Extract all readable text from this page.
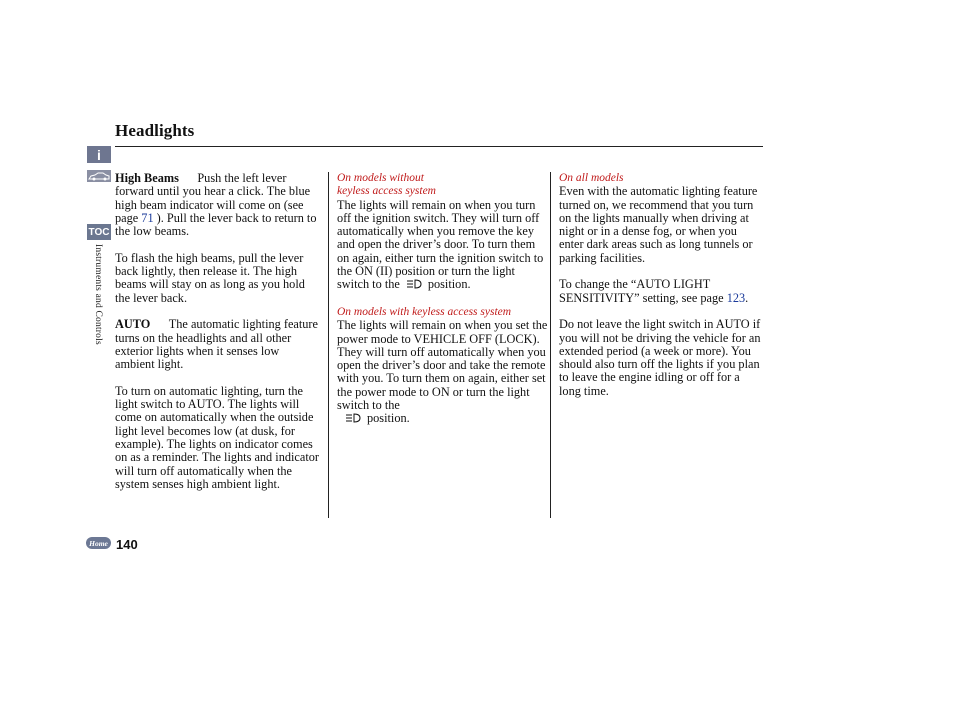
i
TOC
Instruments and Controls
Headlights

High Beams Push the left lever forward until you hear a click. The blue high beam indicator will come on (see page 71 ). Pull the lever back to return to the low beams.

To flash the high beams, pull the lever back lightly, then release it. The high beams will stay on as long as you hold the lever back.

AUTO The automatic lighting feature turns on the headlights and all other exterior lights when it senses low ambient light.

To turn on automatic lighting, turn the light switch to AUTO. The lights will come on automatically when the outside light level becomes low (at dusk, for example). The lights on indicator comes on as a reminder. The lights and indicator will turn off automatically when the system senses high ambient light.

On models without
keyless access system

The lights will remain on when you turn off the ignition switch. They will turn off automatically when you remove the key and open the driver’s door. To turn them on again, either turn the ignition switch to the ON (II) position or turn the light switch to the position.

On models with keyless access system

The lights will remain on when you set the power mode to VEHICLE OFF (LOCK). They will turn off automatically when you open the driver’s door and take the remote with you. To turn them on again, either set the power mode to ON or turn the light switch to the
position.

On all models

Even with the automatic lighting feature turned on, we recommend that you turn on the lights manually when driving at night or in a dense fog, or when you enter dark areas such as long tunnels or parking facilities.

To change the “AUTO LIGHT SENSITIVITY” setting, see page 123.

Do not leave the light switch in AUTO if you will not be driving the vehicle for an extended period (a week or more). You should also turn off the lights if you plan to leave the engine idling or off for a long time.

Home 140
